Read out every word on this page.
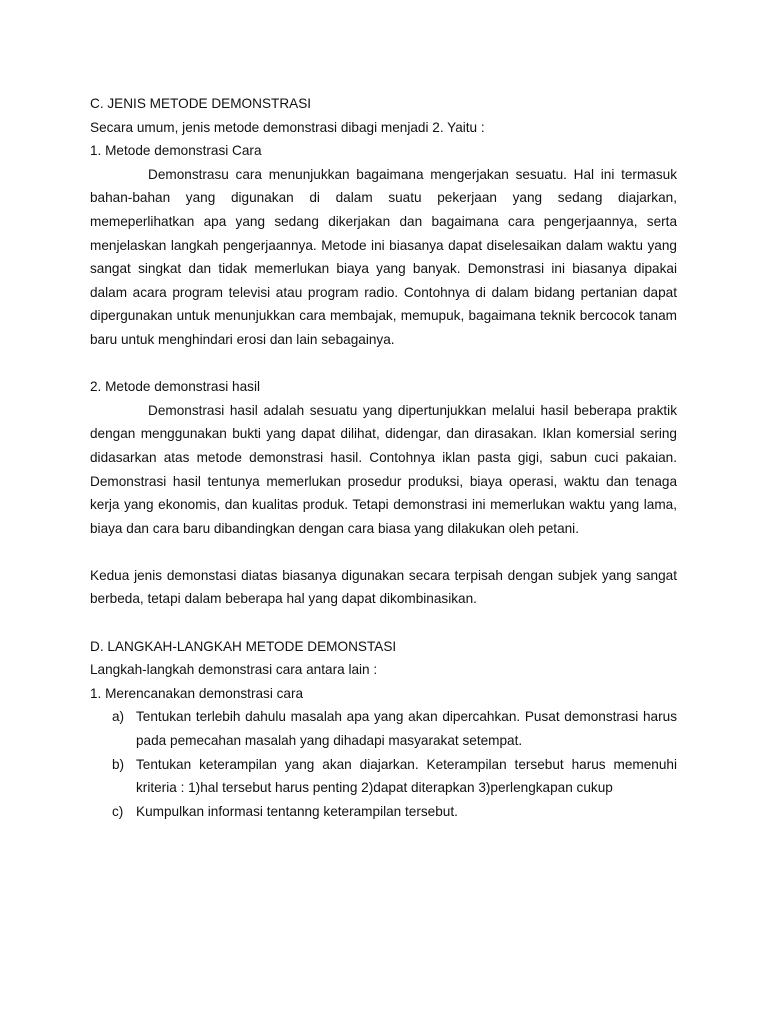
C. JENIS METODE DEMONSTRASI
Secara umum, jenis metode demonstrasi dibagi menjadi 2. Yaitu :
1. Metode demonstrasi Cara

Demonstrasu cara menunjukkan bagaimana mengerjakan sesuatu. Hal ini termasuk bahan-bahan yang digunakan di dalam suatu pekerjaan yang sedang diajarkan, memeperlihatkan apa yang sedang dikerjakan dan bagaimana cara pengerjaannya, serta menjelaskan langkah pengerjaannya. Metode ini biasanya dapat diselesaikan dalam waktu yang sangat singkat dan tidak memerlukan biaya yang banyak. Demonstrasi ini biasanya dipakai dalam acara program televisi atau program radio. Contohnya di dalam bidang pertanian dapat dipergunakan untuk menunjukkan cara membajak, memupuk, bagaimana teknik bercocok tanam baru untuk menghindari erosi dan lain sebagainya.

2. Metode demonstrasi hasil

Demonstrasi hasil adalah sesuatu yang dipertunjukkan melalui hasil beberapa praktik dengan menggunakan bukti yang dapat dilihat, didengar, dan dirasakan. Iklan komersial sering didasarkan atas metode demonstrasi hasil. Contohnya iklan pasta gigi, sabun cuci pakaian. Demonstrasi hasil tentunya memerlukan prosedur produksi, biaya operasi, waktu dan tenaga kerja yang ekonomis, dan kualitas produk. Tetapi demonstrasi ini memerlukan waktu yang lama, biaya dan cara baru dibandingkan dengan cara biasa yang dilakukan oleh petani.

Kedua jenis demonstasi diatas biasanya digunakan secara terpisah dengan subjek yang sangat berbeda, tetapi dalam beberapa hal yang dapat dikombinasikan.

D. LANGKAH-LANGKAH METODE DEMONSTASI
Langkah-langkah demonstrasi cara antara lain :
1. Merencanakan demonstrasi cara
a) Tentukan terlebih dahulu masalah apa yang akan dipercahkan. Pusat demonstrasi harus pada pemecahan masalah yang dihadapi masyarakat setempat.
b) Tentukan keterampilan yang akan diajarkan. Keterampilan tersebut harus memenuhi kriteria : 1)hal tersebut harus penting 2)dapat diterapkan 3)perlengkapan cukup
c) Kumpulkan informasi tentanng keterampilan tersebut.
